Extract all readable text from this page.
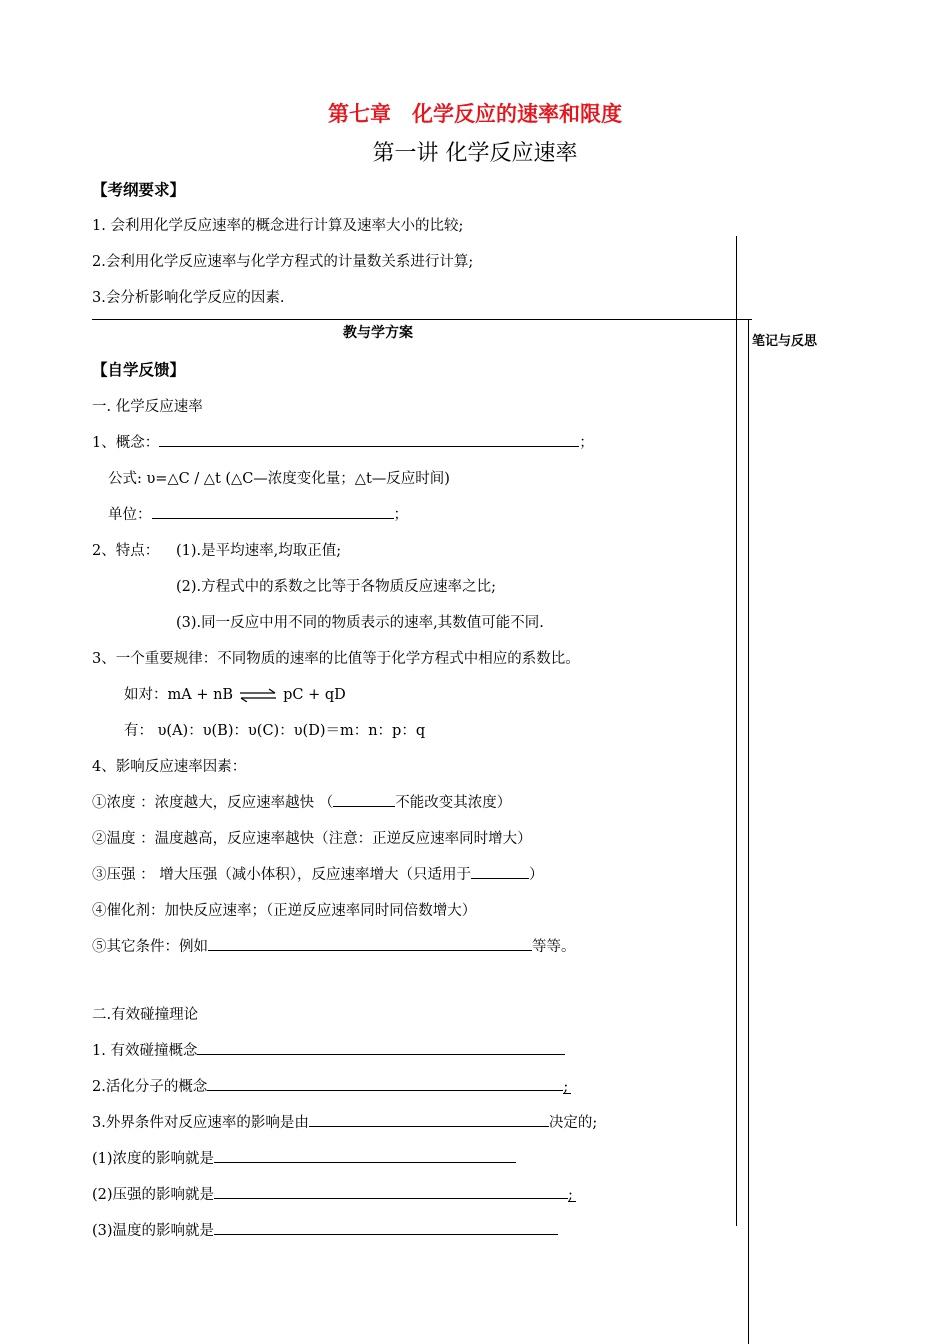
第七章　化学反应的速率和限度
第一讲 化学反应速率
【考纲要求】
1. 会利用化学反应速率的概念进行计算及速率大小的比较;
2.会利用化学反应速率与化学方程式的计量数关系进行计算;
3.会分析影响化学反应的因素.
教与学方案
笔记与反思
【自学反馈】
一. 化学反应速率
1、概念：	；
公式: υ=△C / △t (△C—浓度变化量；△t—反应时间)
单位：	；
2、特点： (1).是平均速率,均取正值;
(2).方程式中的系数之比等于各物质反应速率之比;
(3).同一反应中用不同的物质表示的速率,其数值可能不同.
3、一个重要规律：不同物质的速率的比值等于化学方程式中相应的系数比。
如对：mA + nB ⇌ pC + qD
有： υ(A)：υ(B)：υ(C)：υ(D)＝m：n：p：q
4、影响反应速率因素：
①浓度 ：浓度越大，反应速率越快 （	不能改变其浓度）
②温度 ：温度越高，反应速率越快（注意：正逆反应速率同时增大）
③压强 ： 增大压强（减小体积），反应速率增大（只适用于	）
④催化剂：加快反应速率；（正逆反应速率同时同倍数增大）
⑤其它条件：例如	等等。
二.有效碰撞理论
1. 有效碰撞概念
2.活化分子的概念	;
3.外界条件对反应速率的影响是由	决定的;
(1)浓度的影响就是
(2)压强的影响就是	;
(3)温度的影响就是
